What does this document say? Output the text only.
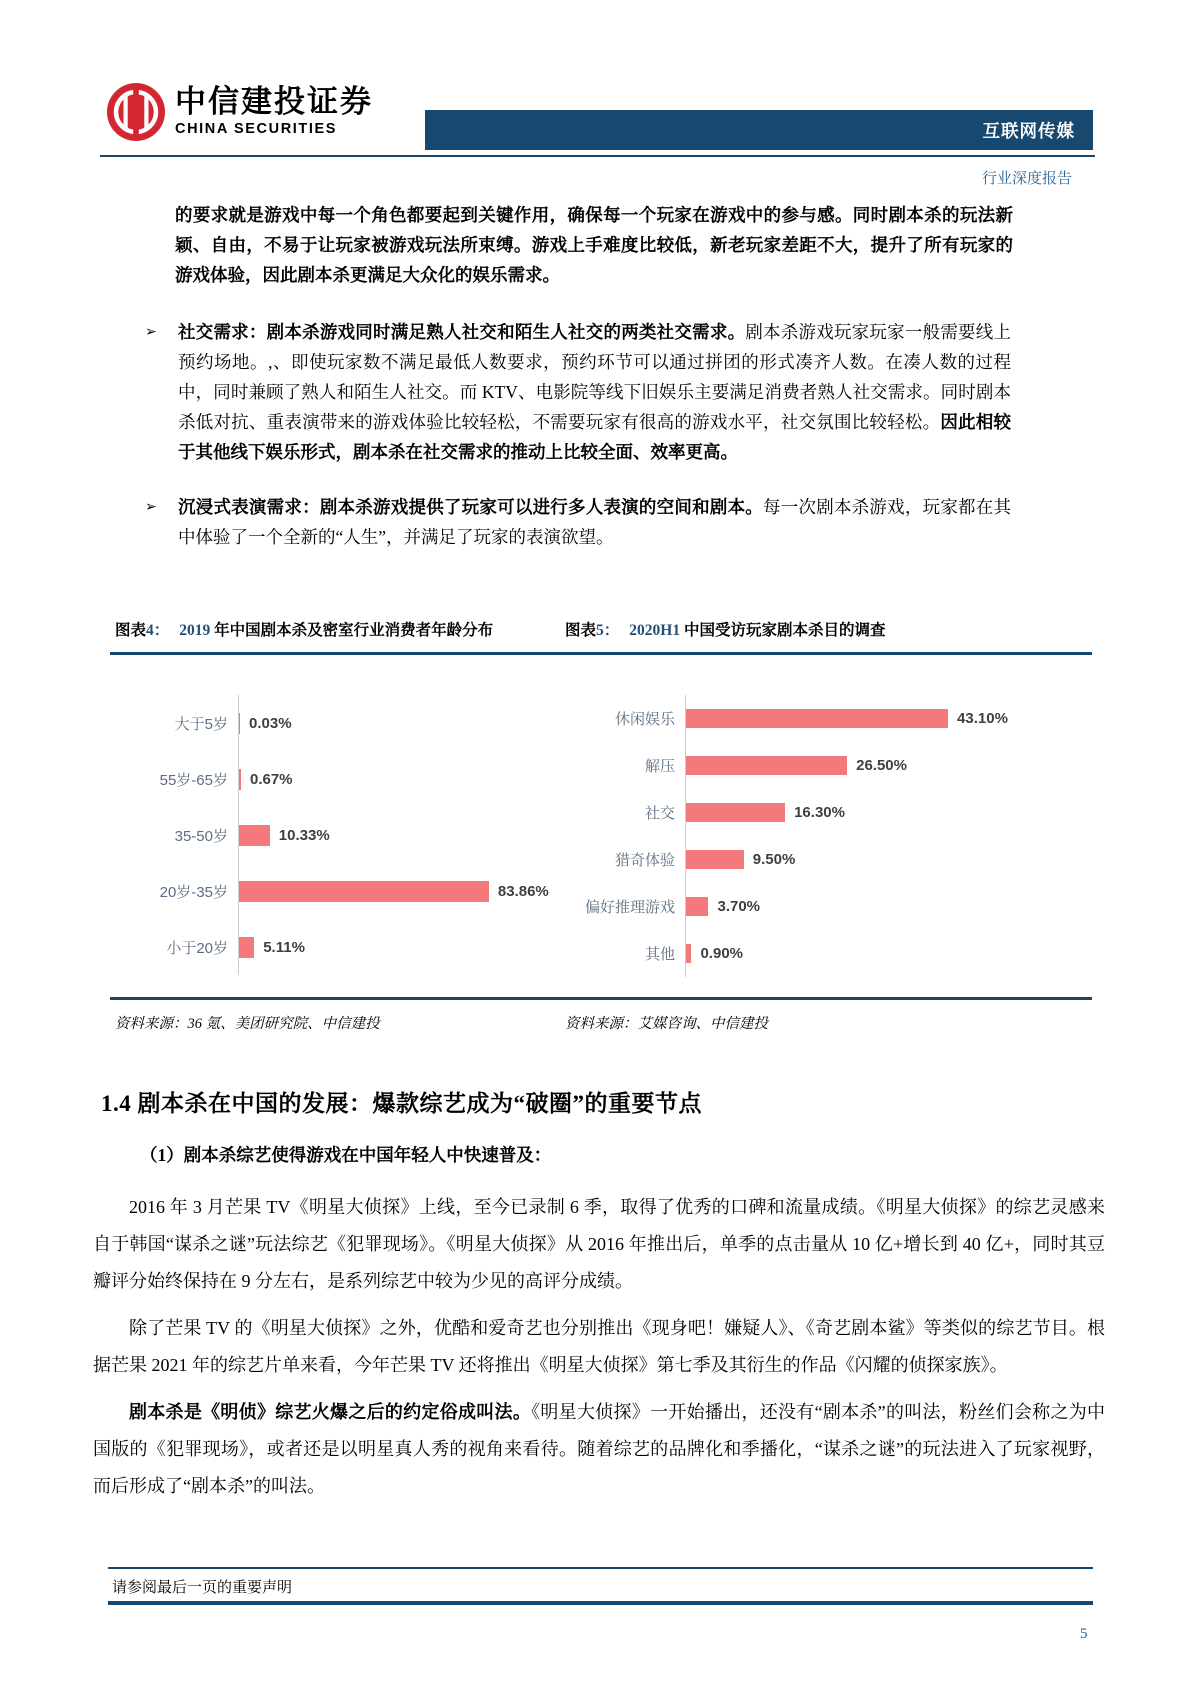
中信建投证券
CHINA SECURITIES	互联网传媒
行业深度报告
的要求就是游戏中每一个角色都要起到关键作用，确保每一个玩家在游戏中的参与感。同时剧本杀的玩法新颖、自由，不易于让玩家被游戏玩法所束缚。游戏上手难度比较低，新老玩家差距不大，提升了所有玩家的游戏体验，因此剧本杀更满足大众化的娱乐需求。
➢ 社交需求：剧本杀游戏同时满足熟人社交和陌生人社交的两类社交需求。剧本杀游戏玩家玩家一般需要线上预约场地。,、即使玩家数不满足最低人数要求，预约环节可以通过拼团的形式凑齐人数。在凑人数的过程中，同时兼顾了熟人和陌生人社交。而 KTV、电影院等线下旧娱乐主要满足消费者熟人社交需求。同时剧本杀低对抗、重表演带来的游戏体验比较轻松，不需要玩家有很高的游戏水平，社交氛围比较轻松。因此相较于其他线下娱乐形式，剧本杀在社交需求的推动上比较全面、效率更高。
➢ 沉浸式表演需求：剧本杀游戏提供了玩家可以进行多人表演的空间和剧本。每一次剧本杀游戏，玩家都在其中体验了一个全新的“人生”，并满足了玩家的表演欲望。
图表4： 2019 年中国剧本杀及密室行业消费者年龄分布	图表5： 2020H1 中国受访玩家剧本杀目的调查
大于5岁	0.03%
55岁-65岁	0.67%
35-50岁	10.33%
20岁-35岁	83.86%
小于20岁	5.11%
休闲娱乐	43.10%
解压	26.50%
社交	16.30%
猎奇体验	9.50%
偏好推理游戏	3.70%
其他	0.90%
资料来源：36 氪、美团研究院、中信建投	资料来源：艾媒咨询、中信建投
1.4 剧本杀在中国的发展：爆款综艺成为“破圈”的重要节点
（1）剧本杀综艺使得游戏在中国年轻人中快速普及：

2016 年 3 月芒果 TV《明星大侦探》上线，至今已录制 6 季，取得了优秀的口碑和流量成绩。《明星大侦探》的综艺灵感来自于韩国“谋杀之谜”玩法综艺《犯罪现场》。《明星大侦探》从 2016 年推出后，单季的点击量从 10 亿+增长到 40 亿+，同时其豆瓣评分始终保持在 9 分左右，是系列综艺中较为少见的高评分成绩。

除了芒果 TV 的《明星大侦探》之外，优酷和爱奇艺也分别推出《现身吧！嫌疑人》、《奇艺剧本鲨》等类似的综艺节目。根据芒果 2021 年的综艺片单来看，今年芒果 TV 还将推出《明星大侦探》第七季及其衍生的作品《闪耀的侦探家族》。

剧本杀是《明侦》综艺火爆之后的约定俗成叫法。《明星大侦探》一开始播出，还没有“剧本杀”的叫法，粉丝们会称之为中国版的《犯罪现场》，或者还是以明星真人秀的视角来看待。随着综艺的品牌化和季播化，“谋杀之谜”的玩法进入了玩家视野，而后形成了“剧本杀”的叫法。

请参阅最后一页的重要声明
5
